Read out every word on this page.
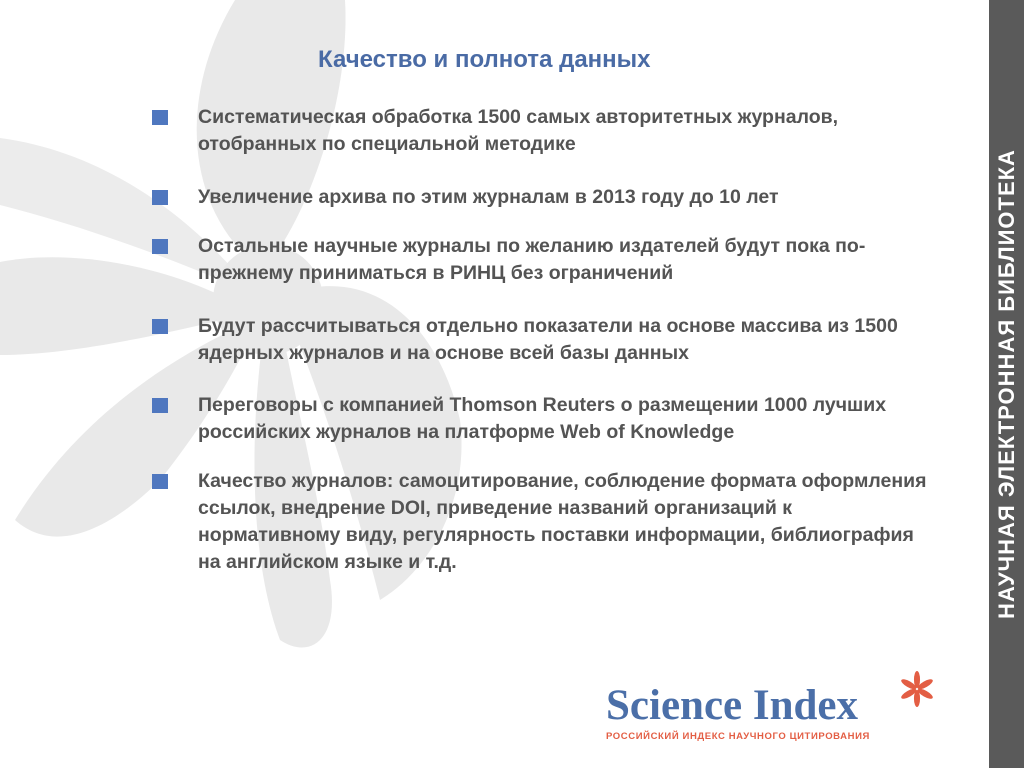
НАУЧНАЯ ЭЛЕКТРОННАЯ БИБЛИОТЕКА
Качество и полнота данных
Систематическая обработка 1500 самых авторитетных журналов, отобранных по специальной методике
Увеличение архива по этим журналам в 2013 году до 10 лет
Остальные научные журналы по желанию издателей будут пока по-прежнему приниматься в РИНЦ без ограничений
Будут рассчитываться отдельно показатели на основе массива из 1500 ядерных журналов и на основе всей базы данных
Переговоры с компанией Thomson Reuters о размещении 1000 лучших российских журналов на платформе Web of Knowledge
Качество журналов: самоцитирование, соблюдение формата оформления ссылок, внедрение DOI, приведение названий организаций к нормативному виду, регулярность поставки информации, библиография на английском языке и т.д.
Science Index
РОССИЙСКИЙ ИНДЕКС НАУЧНОГО ЦИТИРОВАНИЯ
